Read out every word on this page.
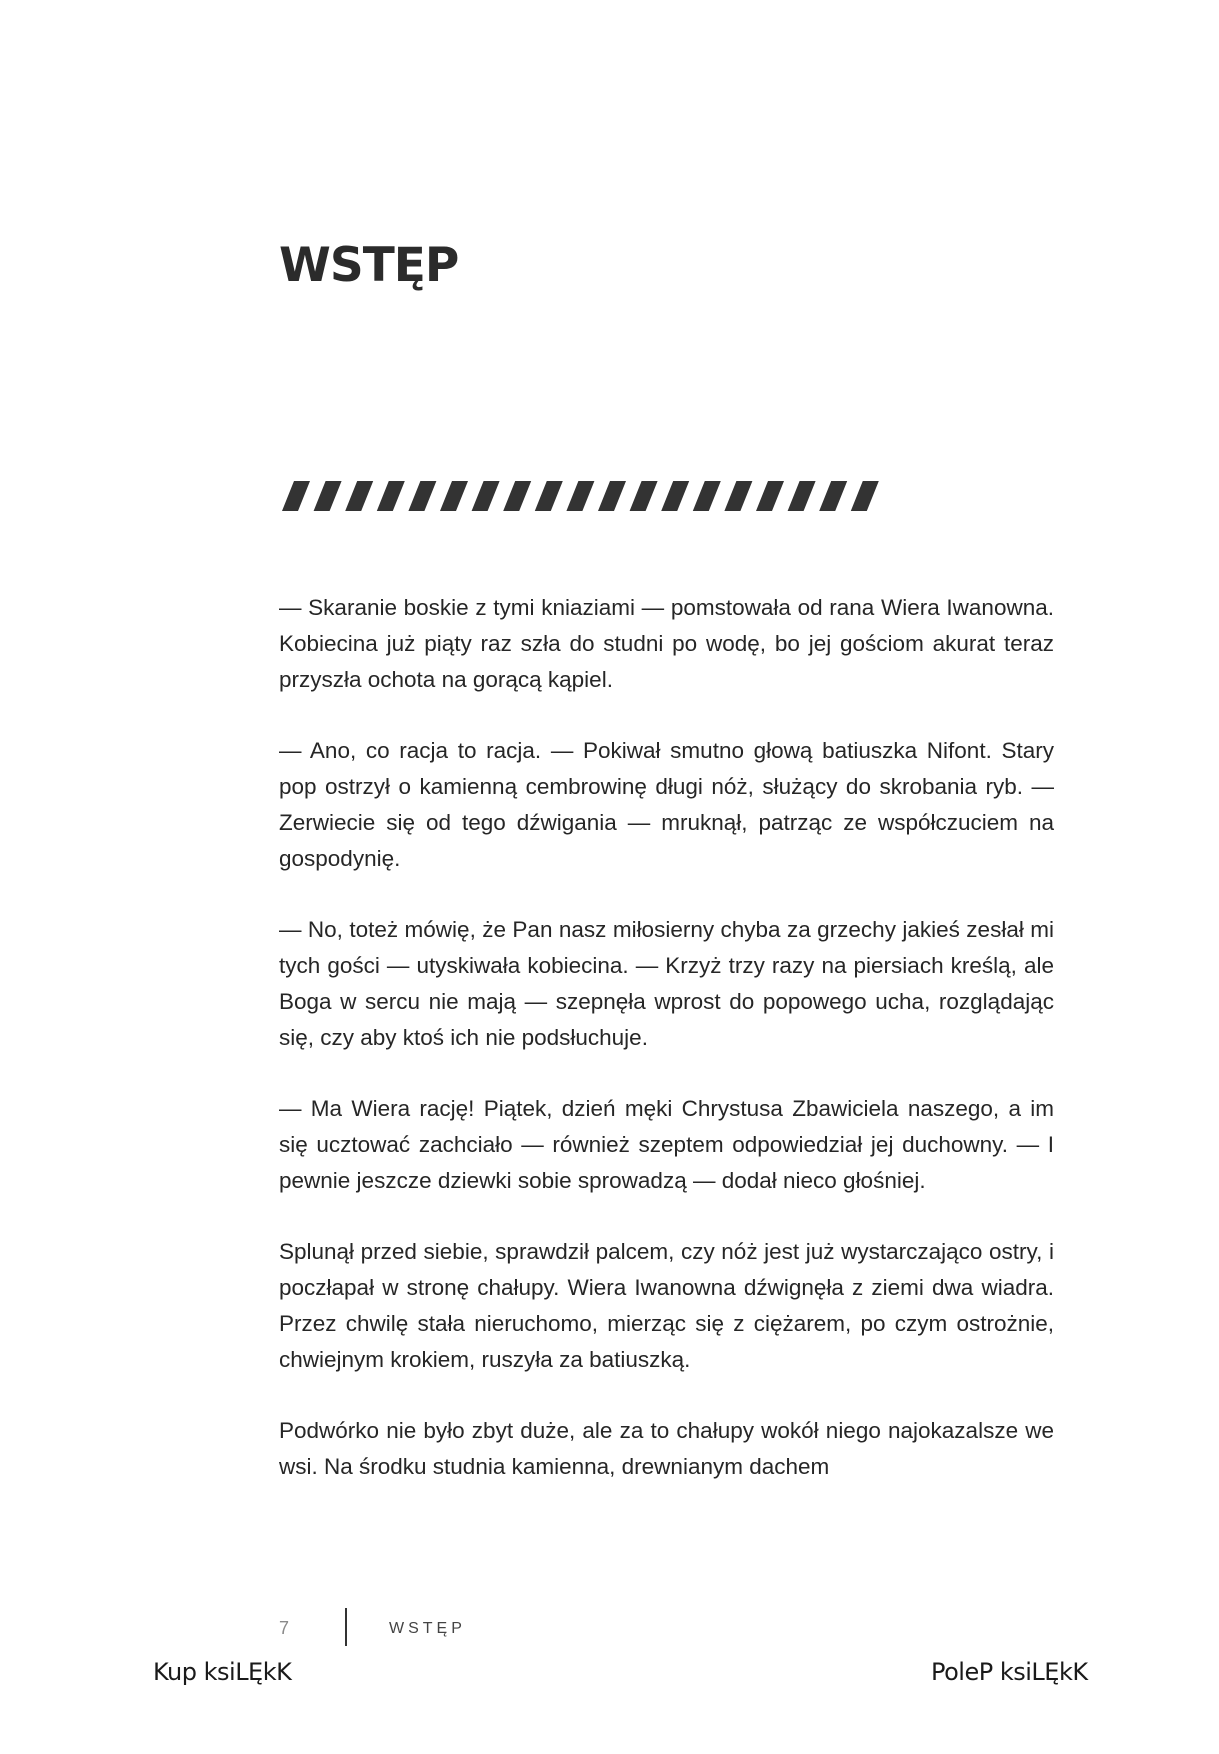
WSTĘP

— Skaranie boskie z tymi kniaziami — pomstowała od rana Wiera Iwanowna. Kobiecina już piąty raz szła do studni po wodę, bo jej gościom akurat teraz przyszła ochota na gorącą kąpiel.

— Ano, co racja to racja. — Pokiwał smutno głową batiuszka Nifont. Stary pop ostrzył o kamienną cembrowinę długi nóż, służący do skrobania ryb. — Zerwiecie się od tego dźwigania — mruknął, patrząc ze współczuciem na gospodynię.

— No, toteż mówię, że Pan nasz miłosierny chyba za grzechy jakieś zesłał mi tych gości — utyskiwała kobiecina. — Krzyż trzy razy na piersiach kreślą, ale Boga w sercu nie mają — szepnęła wprost do popowego ucha, rozglądając się, czy aby ktoś ich nie podsłuchuje.

— Ma Wiera rację! Piątek, dzień męki Chrystusa Zbawiciela naszego, a im się ucztować zachciało — również szeptem odpowiedział jej duchowny. — I pewnie jeszcze dziewki sobie sprowadzą — dodał nieco głośniej.

Splunął przed siebie, sprawdził palcem, czy nóż jest już wystarczająco ostry, i poczłapał w stronę chałupy. Wiera Iwanowna dźwignęła z ziemi dwa wiadra. Przez chwilę stała nieruchomo, mierząc się z ciężarem, po czym ostrożnie, chwiejnym krokiem, ruszyła za batiuszką.

Podwórko nie było zbyt duże, ale za to chałupy wokół niego najokazalsze we wsi. Na środku studnia kamienna, drewnianym dachem

7	WSTĘP
Kup ksiLĘkK	PoleP ksiLĘkK
